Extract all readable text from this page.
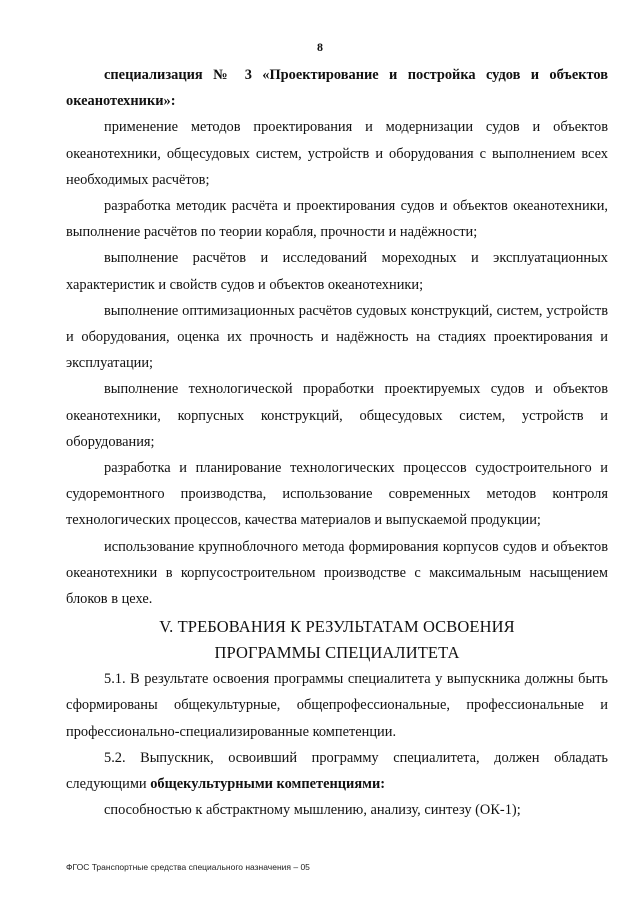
8

специализация № 3 «Проектирование и постройка судов и объектов океанотехники»:

применение методов проектирования и модернизации судов и объектов океанотехники, общесудовых систем, устройств и оборудования с выполнением всех необходимых расчётов;

разработка методик расчёта и проектирования судов и объектов океанотехники, выполнение расчётов по теории корабля, прочности и надёжности;

выполнение расчётов и исследований мореходных и эксплуатационных характеристик и свойств судов и объектов океанотехники;

выполнение оптимизационных расчётов судовых конструкций, систем, устройств и оборудования, оценка их прочность и надёжность на стадиях проектирования и эксплуатации;

выполнение технологической проработки проектируемых судов и объектов океанотехники, корпусных конструкций, общесудовых систем, устройств и оборудования;

разработка и планирование технологических процессов судостроительного и судоремонтного производства, использование современных методов контроля технологических процессов, качества материалов и выпускаемой продукции;

использование крупноблочного метода формирования корпусов судов и объектов океанотехники в корпусостроительном производстве с максимальным насыщением блоков в цехе.

V. ТРЕБОВАНИЯ К РЕЗУЛЬТАТАМ ОСВОЕНИЯ

ПРОГРАММЫ СПЕЦИАЛИТЕТА

5.1. В результате освоения программы специалитета у выпускника должны быть сформированы общекультурные, общепрофессиональные, профессиональные и профессионально-специализированные компетенции.

5.2. Выпускник, освоивший программу специалитета, должен обладать следующими общекультурными компетенциями:

способностью к абстрактному мышлению, анализу, синтезу (ОК-1);

ФГОС Транспортные средства специального назначения – 05
